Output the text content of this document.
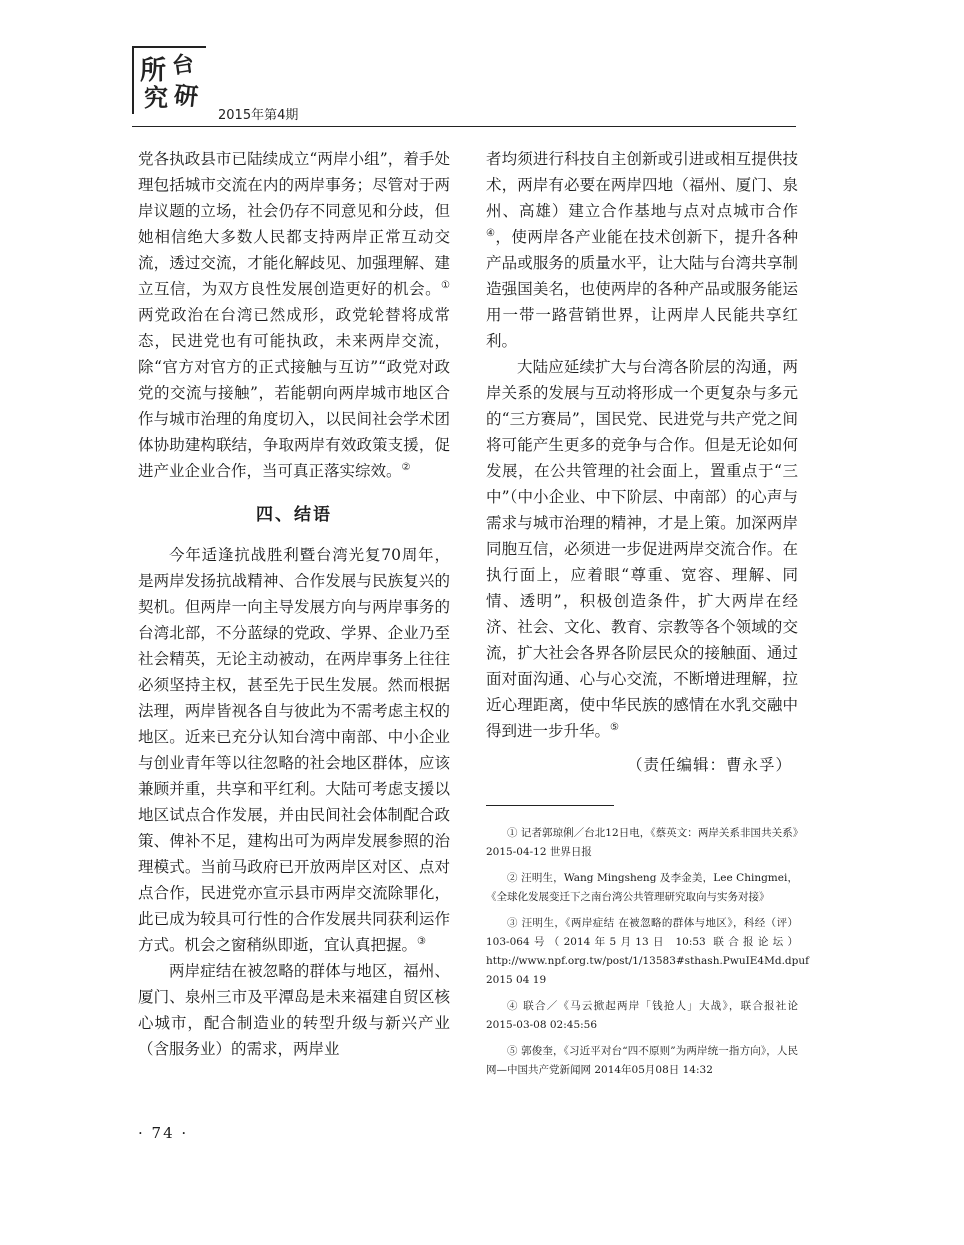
所 台
究 研
2015年第4期

党各执政县市已陆续成立“两岸小组”，着手处理包括城市交流在内的两岸事务；尽管对于两岸议题的立场，社会仍存不同意见和分歧，但她相信绝大多数人民都支持两岸正常互动交流，透过交流，才能化解歧见、加强理解、建立互信，为双方良性发展创造更好的机会。①两党政治在台湾已然成形，政党轮替将成常态，民进党也有可能执政，未来两岸交流，除“官方对官方的正式接触与互访”“政党对政党的交流与接触”，若能朝向两岸城市地区合作与城市治理的角度切入，以民间社会学术团体协助建构联结，争取两岸有效政策支援，促进产业企业合作，当可真正落实综效。②

四、结语

今年适逢抗战胜利暨台湾光复70周年，是两岸发扬抗战精神、合作发展与民族复兴的契机。但两岸一向主导发展方向与两岸事务的台湾北部，不分蓝绿的党政、学界、企业乃至社会精英，无论主动被动，在两岸事务上往往必须坚持主权，甚至先于民生发展。然而根据法理，两岸皆视各自与彼此为不需考虑主权的地区。近来已充分认知台湾中南部、中小企业与创业青年等以往忽略的社会地区群体，应该兼顾并重，共享和平红利。大陆可考虑支援以地区试点合作发展，并由民间社会体制配合政策、俾补不足，建构出可为两岸发展参照的治理模式。当前马政府已开放两岸区对区、点对点合作，民进党亦宣示县市两岸交流除罪化，此已成为较具可行性的合作发展共同获利运作方式。机会之窗稍纵即逝，宜认真把握。③

两岸症结在被忽略的群体与地区，福州、厦门、泉州三市及平潭岛是未来福建自贸区核心城市，配合制造业的转型升级与新兴产业（含服务业）的需求，两岸业

者均须进行科技自主创新或引进或相互提供技术，两岸有必要在两岸四地（福州、厦门、泉州、高雄）建立合作基地与点对点城市合作④，使两岸各产业能在技术创新下，提升各种产品或服务的质量水平，让大陆与台湾共享制造强国美名，也使两岸的各种产品或服务能运用一带一路营销世界，让两岸人民能共享红利。

大陆应延续扩大与台湾各阶层的沟通，两岸关系的发展与互动将形成一个更复杂与多元的“三方赛局”，国民党、民进党与共产党之间将可能产生更多的竞争与合作。但是无论如何发展，在公共管理的社会面上，置重点于“三中”（中小企业、中下阶层、中南部）的心声与需求与城市治理的精神，才是上策。加深两岸同胞互信，必须进一步促进两岸交流合作。在执行面上，应着眼“尊重、宽容、理解、同情、透明”，积极创造条件，扩大两岸在经济、社会、文化、教育、宗教等各个领域的交流，扩大社会各界各阶层民众的接触面、通过面对面沟通、心与心交流，不断增进理解，拉近心理距离，使中华民族的感情在水乳交融中得到进一步升华。⑤

（责任编辑：曹永孚）

① 记者郭琼俐／台北12日电，《蔡英文：两岸关系非国共关系》2015-04-12 世界日报

② 汪明生，Wang Mingsheng 及李金美，Lee Chingmei，《全球化发展变迁下之南台湾公共管理研究取向与实务对接》

③ 汪明生，《两岸症结 在被忽略的群体与地区》，科经（评）103-064号（2014年5月13日 10:53 联合报论坛）http://www.npf.org.tw/post/1/13583#sthash.PwuIE4Md.dpuf 2015 04 19

④ 联合／《马云掀起两岸「钱抢人」大战》，联合报社论 2015-03-08 02:45:56

⑤ 郭俊奎，《习近平对台“四不原则”为两岸统一指方向》，人民网—中国共产党新闻网 2014年05月08日 14:32

· 74 ·
